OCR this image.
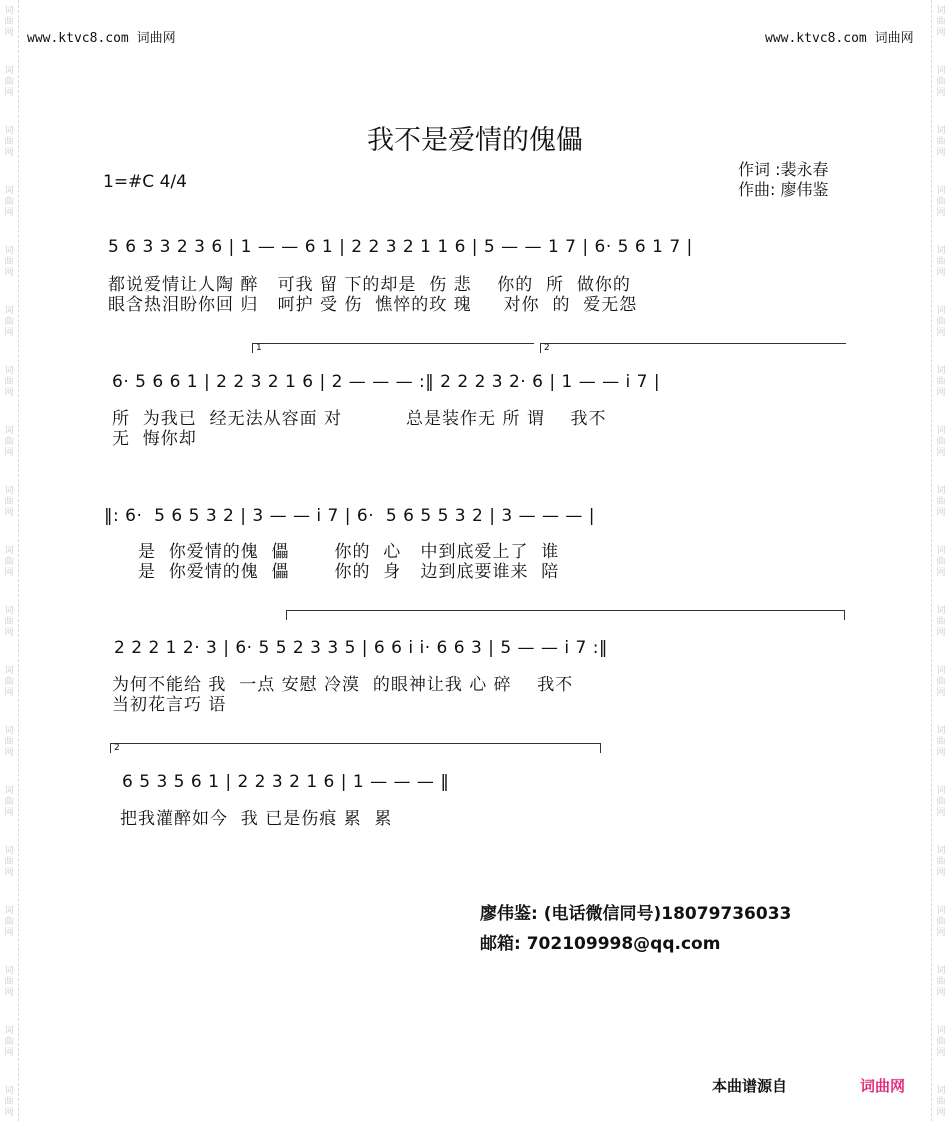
www.ktvc8.com 词曲网	www.ktvc8.com 词曲网
我不是爱情的傀儡
1=#C 4/4
作词 :裴永春
作曲: 廖伟鉴
5 6 3 3 2 3 6 | 1 — — 6 1 | 2 2 3 2 1 1 6 | 5 — — 1 7 | 6· 5 6 1 7 |
都说爱情让人陶 醉   可我 留 下的却是  伤 悲    你的  所  做你的
眼含热泪盼你回 归   呵护 受 伤  憔悴的玫 瑰     对你  的  爱无怨
1	2
6· 5 6 6 1 | 2 2 3 2 1 6 | 2 — — — :‖ 2 2 2 3 2· 6 | 1 — — i 7 |
所  为我已  经无法从容面 对          总是装作无 所 谓    我不
无  悔你却
‖: 6·  5 6 5 3 2 | 3 — — i 7 | 6·  5 6 5 5 3 2 | 3 — — — |
是  你爱情的傀  儡       你的  心   中到底爱上了  谁
是  你爱情的傀  儡       你的  身   边到底要谁来  陪
2 2 2 1 2· 3 | 6· 5 5 2 3 3 5 | 6 6 i i· 6 6 3 | 5 — — i 7 :‖
为何不能给 我  一点 安慰 冷漠  的眼神让我 心 碎    我不
当初花言巧 语
2
6 5 3 5 6 1 | 2 2 3 2 1 6 | 1 — — — ‖
把我灌醉如今  我 已是伤痕 累  累
廖伟鉴: (电话微信同号)18079736033
邮箱: 702109998@qq.com
本曲谱源自	词曲网
词
曲
网
词
曲
网
词
曲
网
词
曲
网
词
曲
网
词
曲
网
词
曲
网
词
曲
网
词
曲
网
词
曲
网
词
曲
网
词
曲
网
词
曲
网
词
曲
网
词
曲
网
词
曲
网
词
曲
网
词
曲
网
词
曲
网
词
曲
网
词
曲
网
词
曲
网
词
曲
网
词
曲
网
词
曲
网
词
曲
网
词
曲
网
词
曲
网
词
曲
网
词
曲
网
词
曲
网
词
曲
网
词
曲
网
词
曲
网
词
曲
网
词
曲
网
词
曲
网
词
曲
网
